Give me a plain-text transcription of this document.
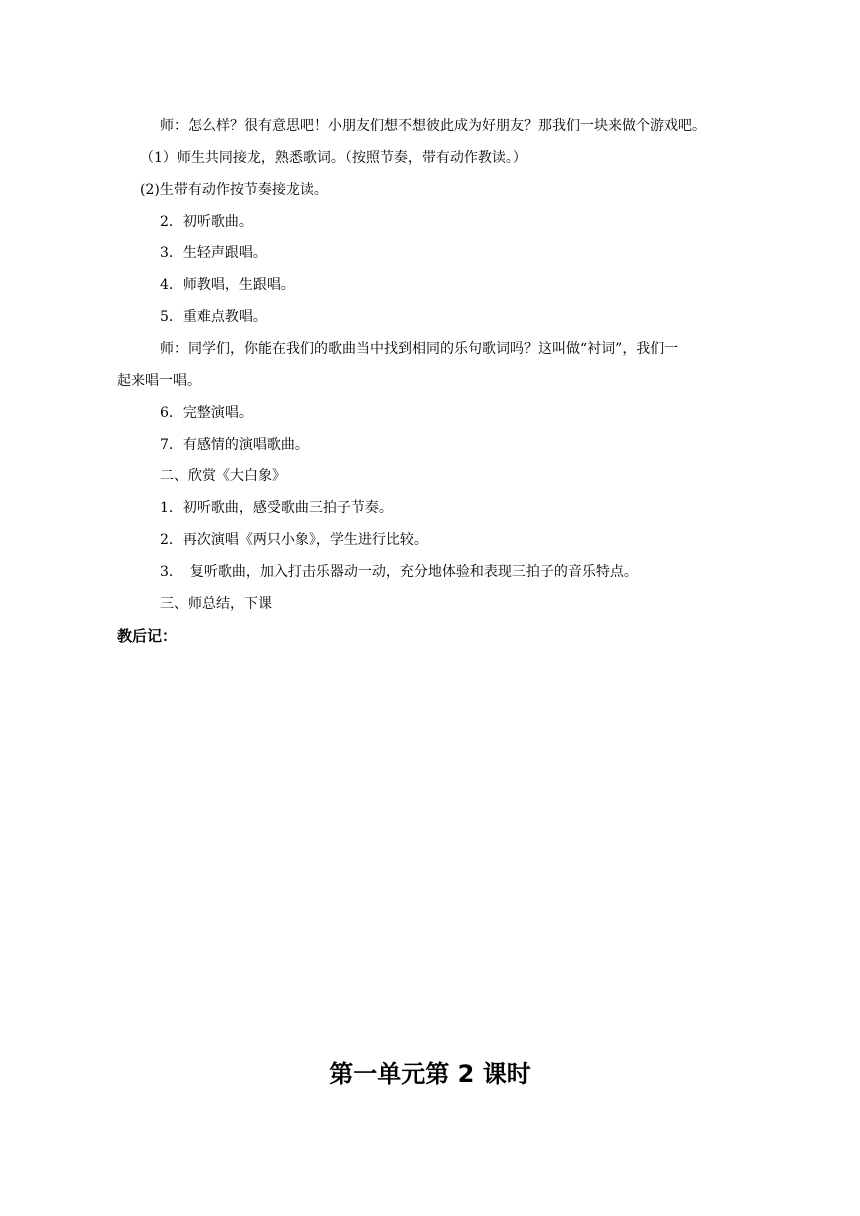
师：怎么样？很有意思吧！小朋友们想不想彼此成为好朋友？那我们一块来做个游戏吧。
（1）师生共同接龙，熟悉歌词。（按照节奏，带有动作教读。）
(2)生带有动作按节奏接龙读。
2．初听歌曲。
3．生轻声跟唱。
4．师教唱，生跟唱。
5．重难点教唱。
师：同学们，你能在我们的歌曲当中找到相同的乐句歌词吗？这叫做“衬词”，我们一
起来唱一唱。
6．完整演唱。
7．有感情的演唱歌曲。
二、欣赏《大白象》
1．初听歌曲，感受歌曲三拍子节奏。
2．再次演唱《两只小象》，学生进行比较。
3．　复听歌曲，加入打击乐器动一动，充分地体验和表现三拍子的音乐特点。
三、师总结，下课
教后记：
第一单元第 2 课时
